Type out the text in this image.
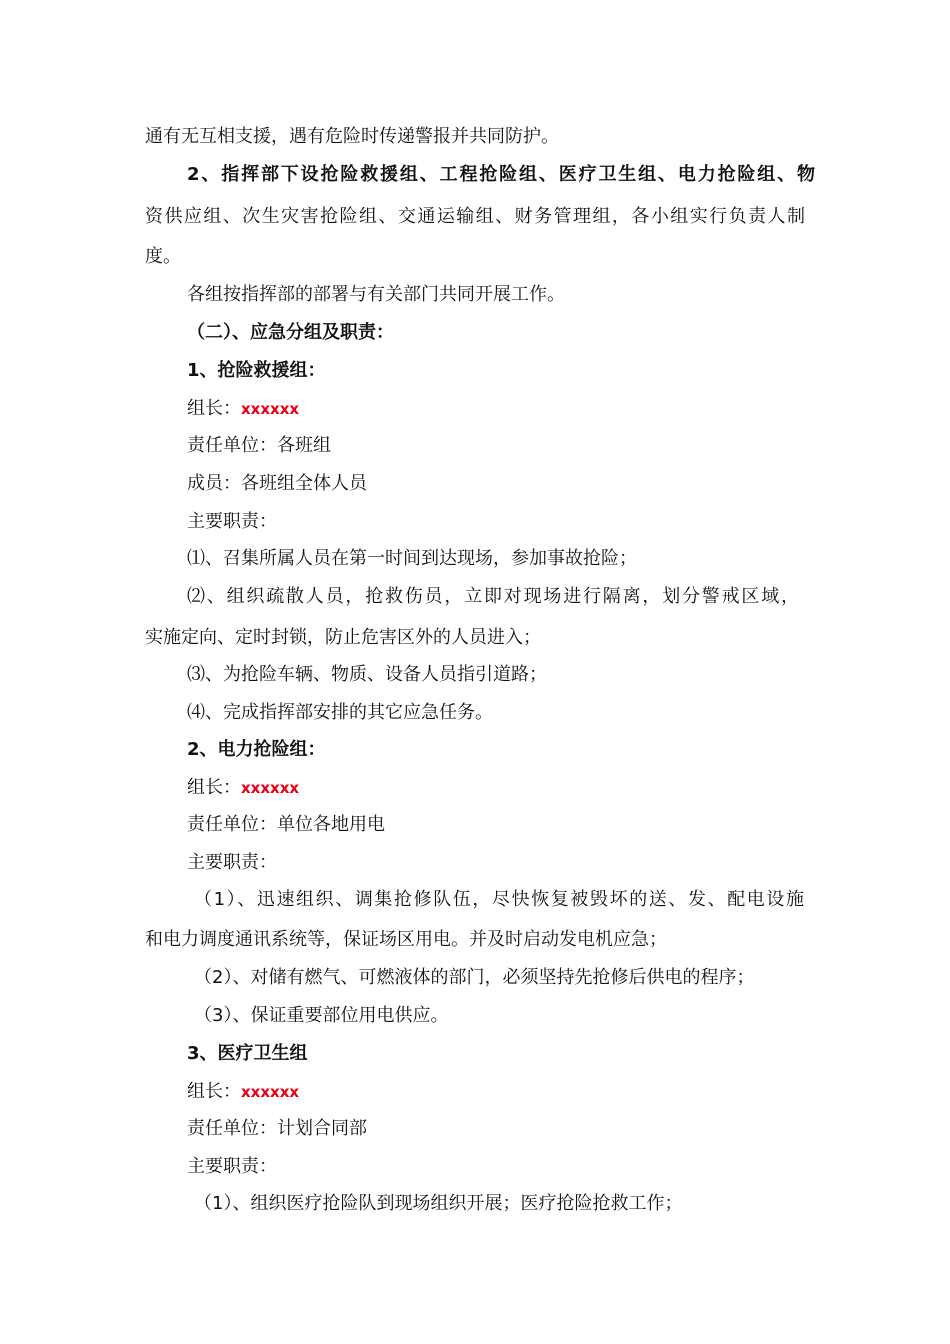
通有无互相支援，遇有危险时传递警报并共同防护。
2、指挥部下设抢险救援组、工程抢险组、医疗卫生组、电力抢险组、物
资供应组、次生灾害抢险组、交通运输组、财务管理组，各小组实行负责人制
度。
各组按指挥部的部署与有关部门共同开展工作。
（二）、应急分组及职责：
1、抢险救援组：
组长：xxxxxx
责任单位：各班组
成员：各班组全体人员
主要职责：
⑴、召集所属人员在第一时间到达现场，参加事故抢险；
⑵、组织疏散人员，抢救伤员，立即对现场进行隔离，划分警戒区域，
实施定向、定时封锁，防止危害区外的人员进入；
⑶、为抢险车辆、物质、设备人员指引道路；
⑷、完成指挥部安排的其它应急任务。
2、电力抢险组：
组长：xxxxxx
责任单位：单位各地用电
主要职责：
（1）、迅速组织、调集抢修队伍，尽快恢复被毁坏的送、发、配电设施
和电力调度通讯系统等，保证场区用电。并及时启动发电机应急；
（2）、对储有燃气、可燃液体的部门，必须坚持先抢修后供电的程序；
（3）、保证重要部位用电供应。
3、医疗卫生组
组长：xxxxxx
责任单位：计划合同部
主要职责：
（1）、组织医疗抢险队到现场组织开展；医疗抢险抢救工作；
